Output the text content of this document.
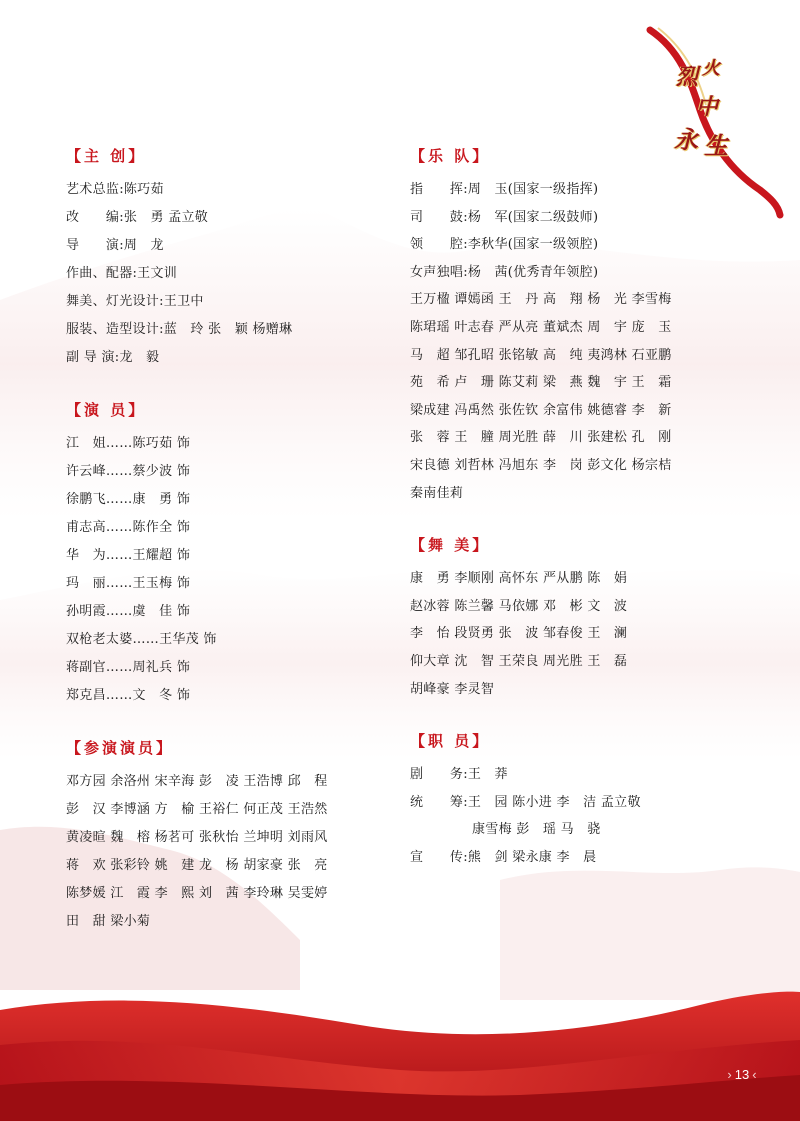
烈 火
中
永 生
【主 创】
艺术总监:陈巧茹
改　　编:张　勇 孟立敬
导　　演:周　龙
作曲、配器:王文训
舞美、灯光设计:王卫中
服装、造型设计:蓝　玲 张　颖 杨赠琳
副 导 演:龙　毅
【演 员】
江　姐……陈巧茹 饰
许云峰……蔡少波 饰
徐鹏飞……康　勇 饰
甫志高……陈作全 饰
华　为……王耀超 饰
玛　丽……王玉梅 饰
孙明霞……虞　佳 饰
双枪老太婆……王华茂 饰
蒋副官……周礼兵 饰
郑克昌……文　冬 饰
【参演演员】
邓方园 余洛州 宋辛海 彭　凌 王浩博 邱　程
彭　汉 李博涵 方　榆 王裕仁 何正茂 王浩然
黄凌暄 魏　榕 杨茗可 张秋怡 兰坤明 刘雨风
蒋　欢 张彩铃 姚　建 龙　杨 胡家豪 张　亮
陈梦媛 江　霞 李　熙 刘　茜 李玲琳 吴雯婷
田　甜 梁小菊
【乐 队】
指　　挥:周　玉(国家一级指挥)
司　　鼓:杨　军(国家二级鼓师)
领　　腔:李秋华(国家一级领腔)
女声独唱:杨　茜(优秀青年领腔)
王万楹 谭嫣函 王　丹 高　翔 杨　光 李雪梅
陈珺瑶 叶志春 严从亮 董斌杰 周　宇 庞　玉
马　超 邹孔昭 张铭敏 高　纯 夷鸿林 石亚鹏
苑　希 卢　珊 陈艾莉 梁　燕 魏　宇 王　霜
梁成建 冯禹然 张佐钦 余富伟 姚德睿 李　新
张　蓉 王　膧 周光胜 薛　川 张建松 孔　刚
宋良德 刘哲林 冯旭东 李　岗 彭文化 杨宗桔
秦南佳莉
【舞 美】
康　勇 李顺刚 高怀东 严从鹏 陈　娟
赵冰蓉 陈兰馨 马依娜 邓　彬 文　波
李　怡 段贤勇 张　波 邹春俊 王　澜
仰大章 沈　智 王荣良 周光胜 王　磊
胡峰豪 李灵智
【职 员】
剧　　务:王　莽
统　　筹:王　园 陈小进 李　洁 孟立敬
康雪梅 彭　瑶 马　骁
宣　　传:熊　剑 梁永康 李　晨
› 13 ‹
